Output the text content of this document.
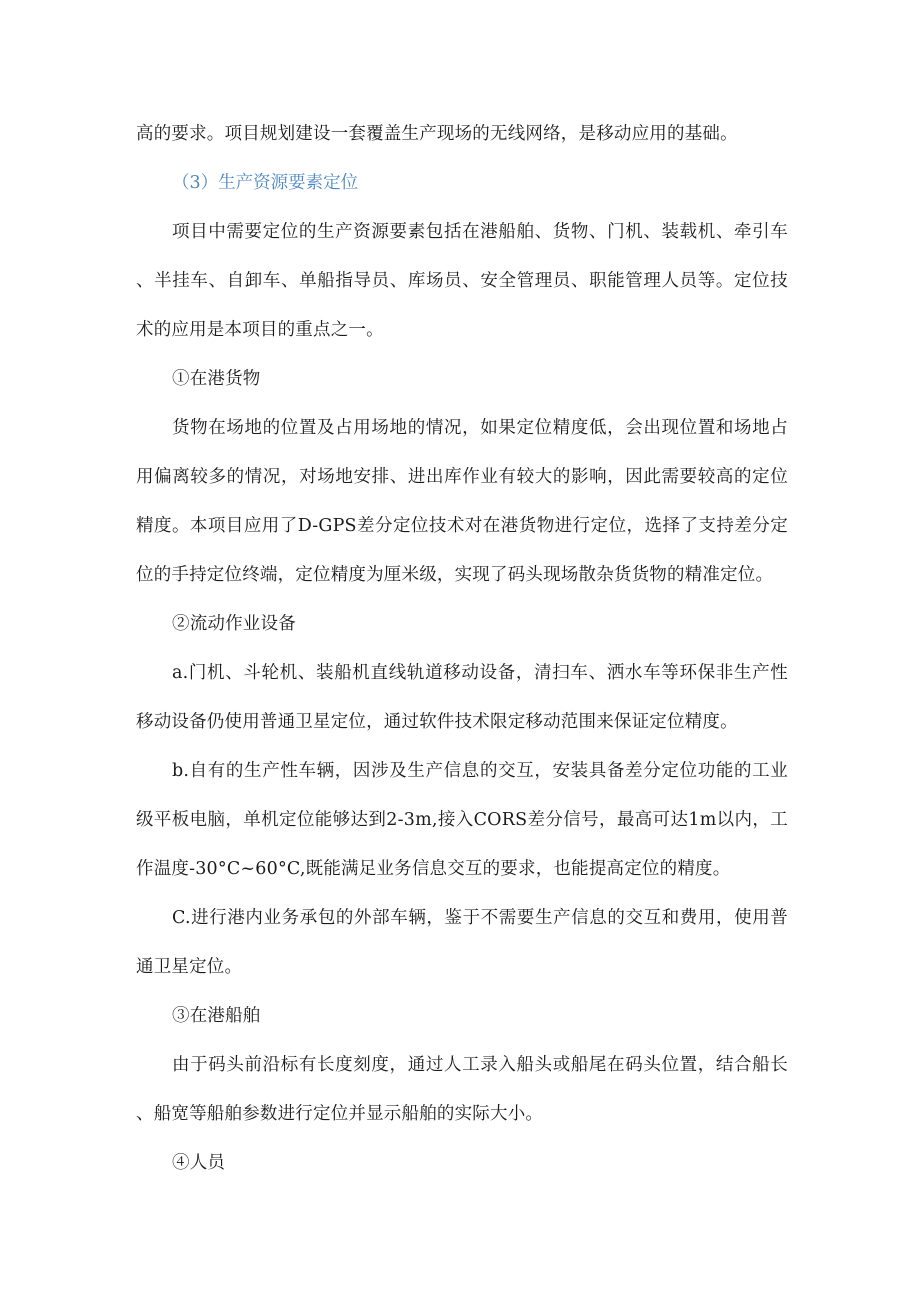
高的要求。项目规划建设一套覆盖生产现场的无线网络，是移动应用的基础。

（3）生产资源要素定位

项目中需要定位的生产资源要素包括在港船舶、货物、门机、装载机、牵引车、半挂车、自卸车、单船指导员、库场员、安全管理员、职能管理人员等。定位技术的应用是本项目的重点之一。

①在港货物

货物在场地的位置及占用场地的情况，如果定位精度低，会出现位置和场地占用偏离较多的情况，对场地安排、进出库作业有较大的影响，因此需要较高的定位精度。本项目应用了D-GPS差分定位技术对在港货物进行定位，选择了支持差分定位的手持定位终端，定位精度为厘米级，实现了码头现场散杂货货物的精准定位。

②流动作业设备

a.门机、斗轮机、装船机直线轨道移动设备，清扫车、洒水车等环保非生产性移动设备仍使用普通卫星定位，通过软件技术限定移动范围来保证定位精度。

b.自有的生产性车辆，因涉及生产信息的交互，安装具备差分定位功能的工业级平板电脑，单机定位能够达到2-3m,接入CORS差分信号，最高可达1m以内，工作温度-30°C~60°C,既能满足业务信息交互的要求，也能提高定位的精度。

C.进行港内业务承包的外部车辆，鉴于不需要生产信息的交互和费用，使用普通卫星定位。

③在港船舶

由于码头前沿标有长度刻度，通过人工录入船头或船尾在码头位置，结合船长、船宽等船舶参数进行定位并显示船舶的实际大小。

④人员
